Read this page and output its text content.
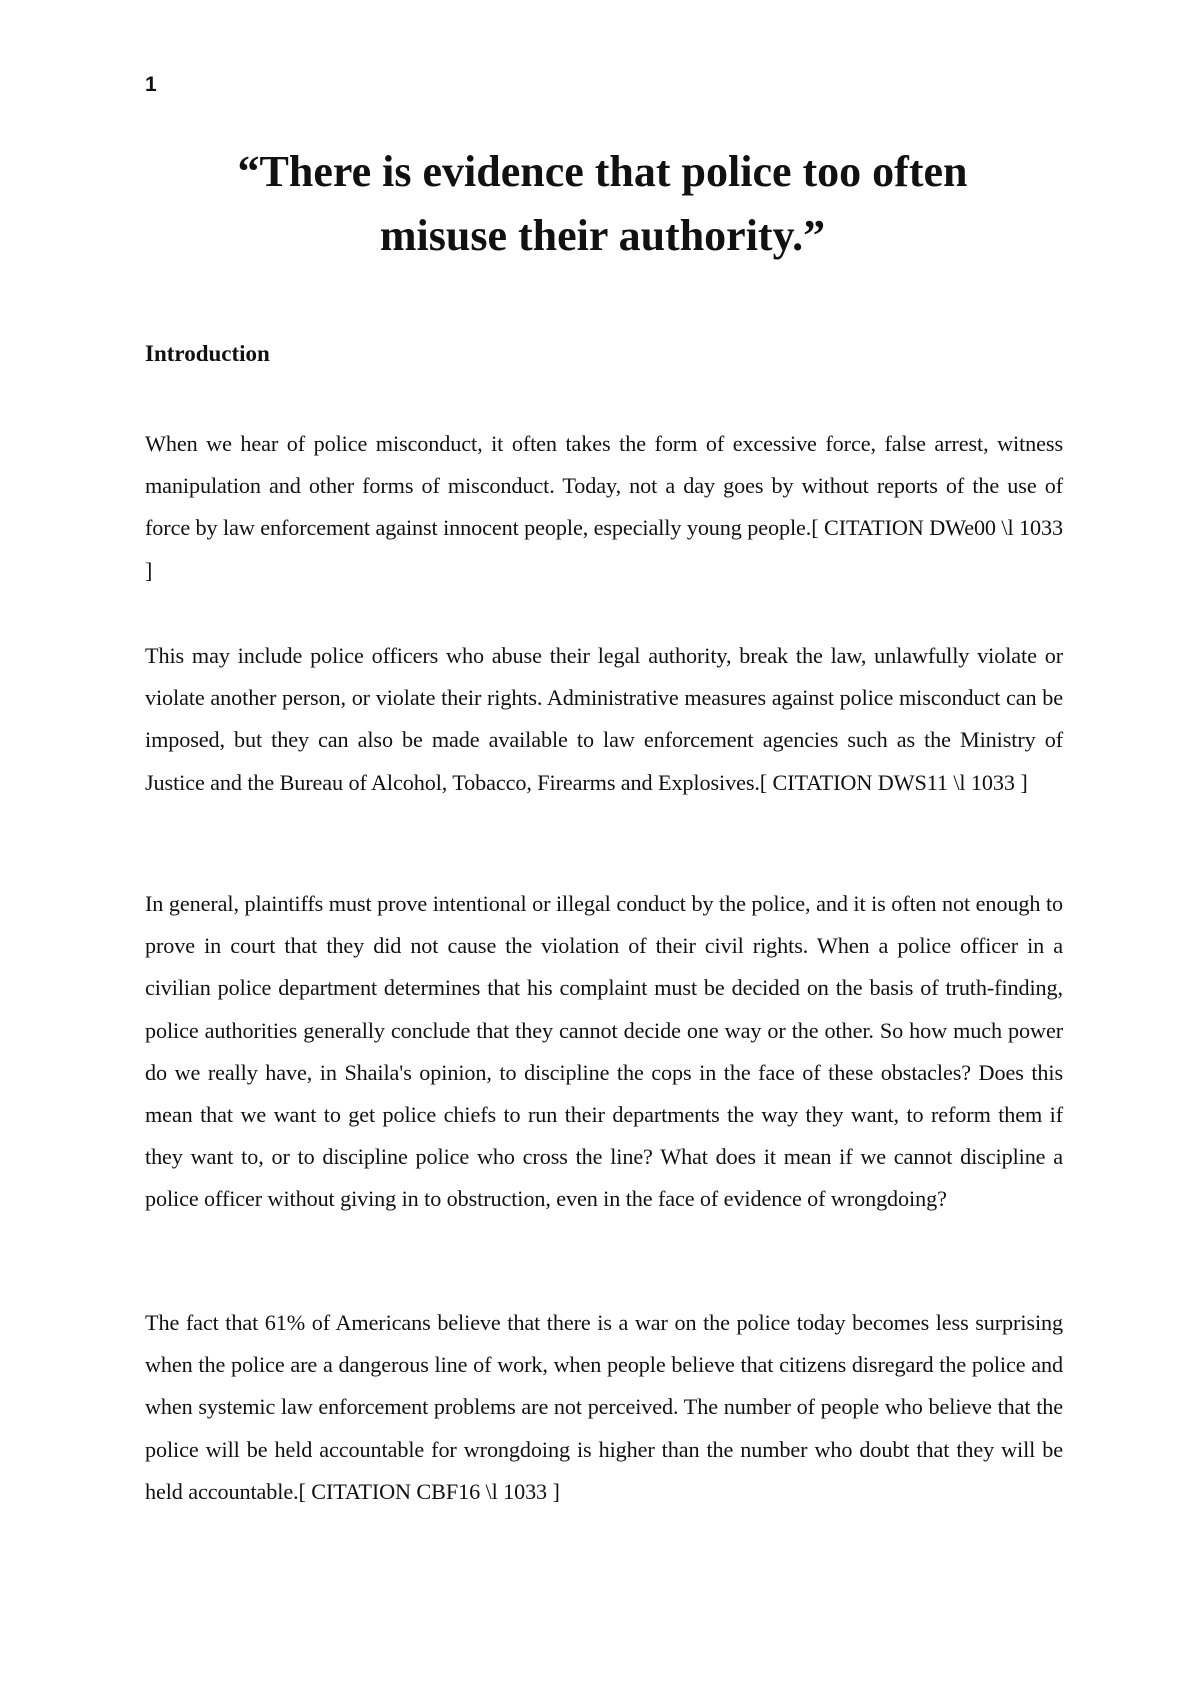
1
“There is evidence that police too often
misuse their authority.”
Introduction

When we hear of police misconduct, it often takes the form of excessive force, false arrest, witness manipulation and other forms of misconduct. Today, not a day goes by without reports of the use of force by law enforcement against innocent people, especially young people.[ CITATION DWe00 \l 1033 ]

This may include police officers who abuse their legal authority, break the law, unlawfully violate or violate another person, or violate their rights. Administrative measures against police misconduct can be imposed, but they can also be made available to law enforcement agencies such as the Ministry of Justice and the Bureau of Alcohol, Tobacco, Firearms and Explosives.[ CITATION DWS11 \l 1033 ]

In general, plaintiffs must prove intentional or illegal conduct by the police, and it is often not enough to prove in court that they did not cause the violation of their civil rights. When a police officer in a civilian police department determines that his complaint must be decided on the basis of truth-finding, police authorities generally conclude that they cannot decide one way or the other. So how much power do we really have, in Shaila's opinion, to discipline the cops in the face of these obstacles? Does this mean that we want to get police chiefs to run their departments the way they want, to reform them if they want to, or to discipline police who cross the line? What does it mean if we cannot discipline a police officer without giving in to obstruction, even in the face of evidence of wrongdoing?

The fact that 61% of Americans believe that there is a war on the police today becomes less surprising when the police are a dangerous line of work, when people believe that citizens disregard the police and when systemic law enforcement problems are not perceived. The number of people who believe that the police will be held accountable for wrongdoing is higher than the number who doubt that they will be held accountable.[ CITATION CBF16 \l 1033 ]
